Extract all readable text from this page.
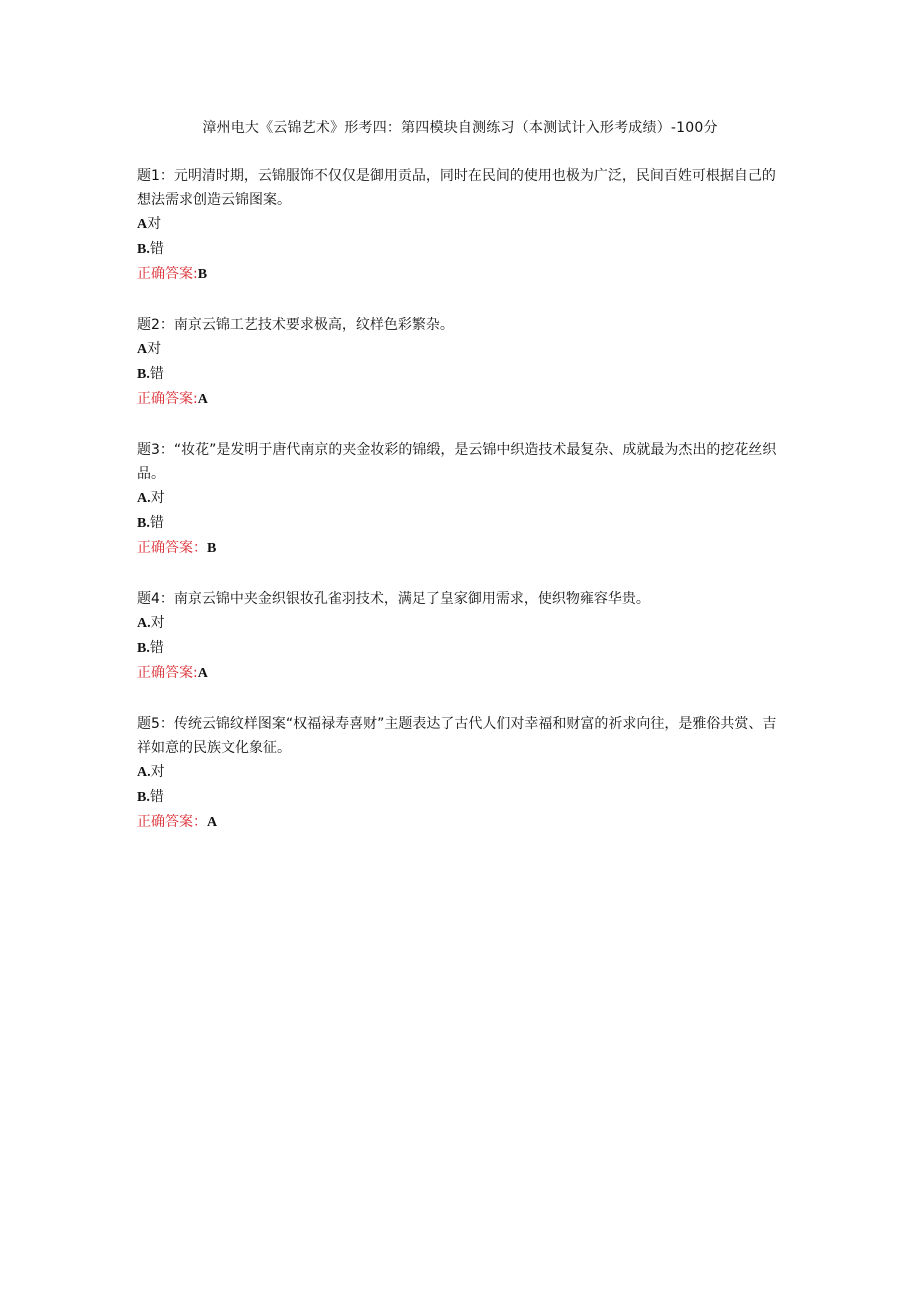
漳州电大《云锦艺术》形考四：第四模块自测练习（本测试计入形考成绩）-100分

题1：元明清时期，云锦服饰不仅仅是御用贡品，同时在民间的使用也极为广泛，民间百姓可根据自己的想法需求创造云锦图案。

A对

B.错

正确答案:B

题2：南京云锦工艺技术要求极高，纹样色彩繁杂。

A对

B.错

正确答案:A

题3：“妆花”是发明于唐代南京的夹金妆彩的锦缎，是云锦中织造技术最复杂、成就最为杰出的挖花丝织品。

A.对

B.错

正确答案：B

题4：南京云锦中夹金织银妆孔雀羽技术，满足了皇家御用需求，使织物雍容华贵。

A.对

B.错

正确答案:A

题5：传统云锦纹样图案“权福禄寿喜财”主题表达了古代人们对幸福和财富的祈求向往，是雅俗共赏、吉祥如意的民族文化象征。

A.对

B.错

正确答案：A
